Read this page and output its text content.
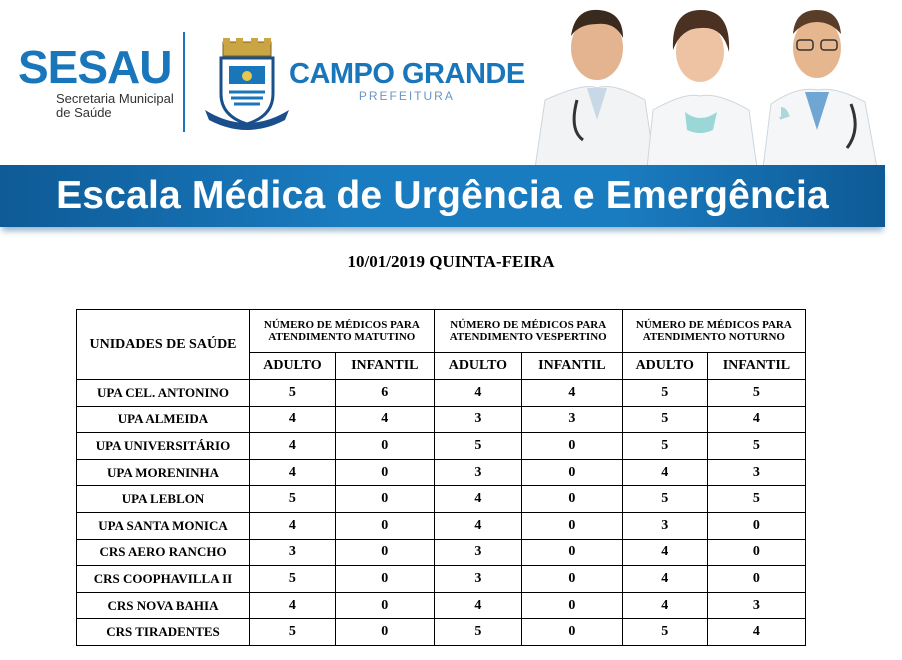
SESAU
Secretaria Municipal
de Saúde
CAMPO GRANDE
PREFEITURA
Escala Médica de Urgência e Emergência
10/01/2019 QUINTA-FEIRA
UNIDADES DE SAÚDE	NÚMERO DE MÉDICOS PARA ATENDIMENTO MATUTINO		NÚMERO DE MÉDICOS PARA ATENDIMENTO VESPERTINO		NÚMERO DE MÉDICOS PARA ATENDIMENTO NOTURNO	
	ADULTO	INFANTIL	ADULTO	INFANTIL	ADULTO	INFANTIL
UPA CEL. ANTONINO	5	6	4	4	5	5
UPA ALMEIDA	4	4	3	3	5	4
UPA UNIVERSITÁRIO	4	0	5	0	5	5
UPA MORENINHA	4	0	3	0	4	3
UPA LEBLON	5	0	4	0	5	5
UPA SANTA MONICA	4	0	4	0	3	0
CRS AERO RANCHO	3	0	3	0	4	0
CRS COOPHAVILLA II	5	0	3	0	4	0
CRS NOVA BAHIA	4	0	4	0	4	3
CRS TIRADENTES	5	0	5	0	5	4
